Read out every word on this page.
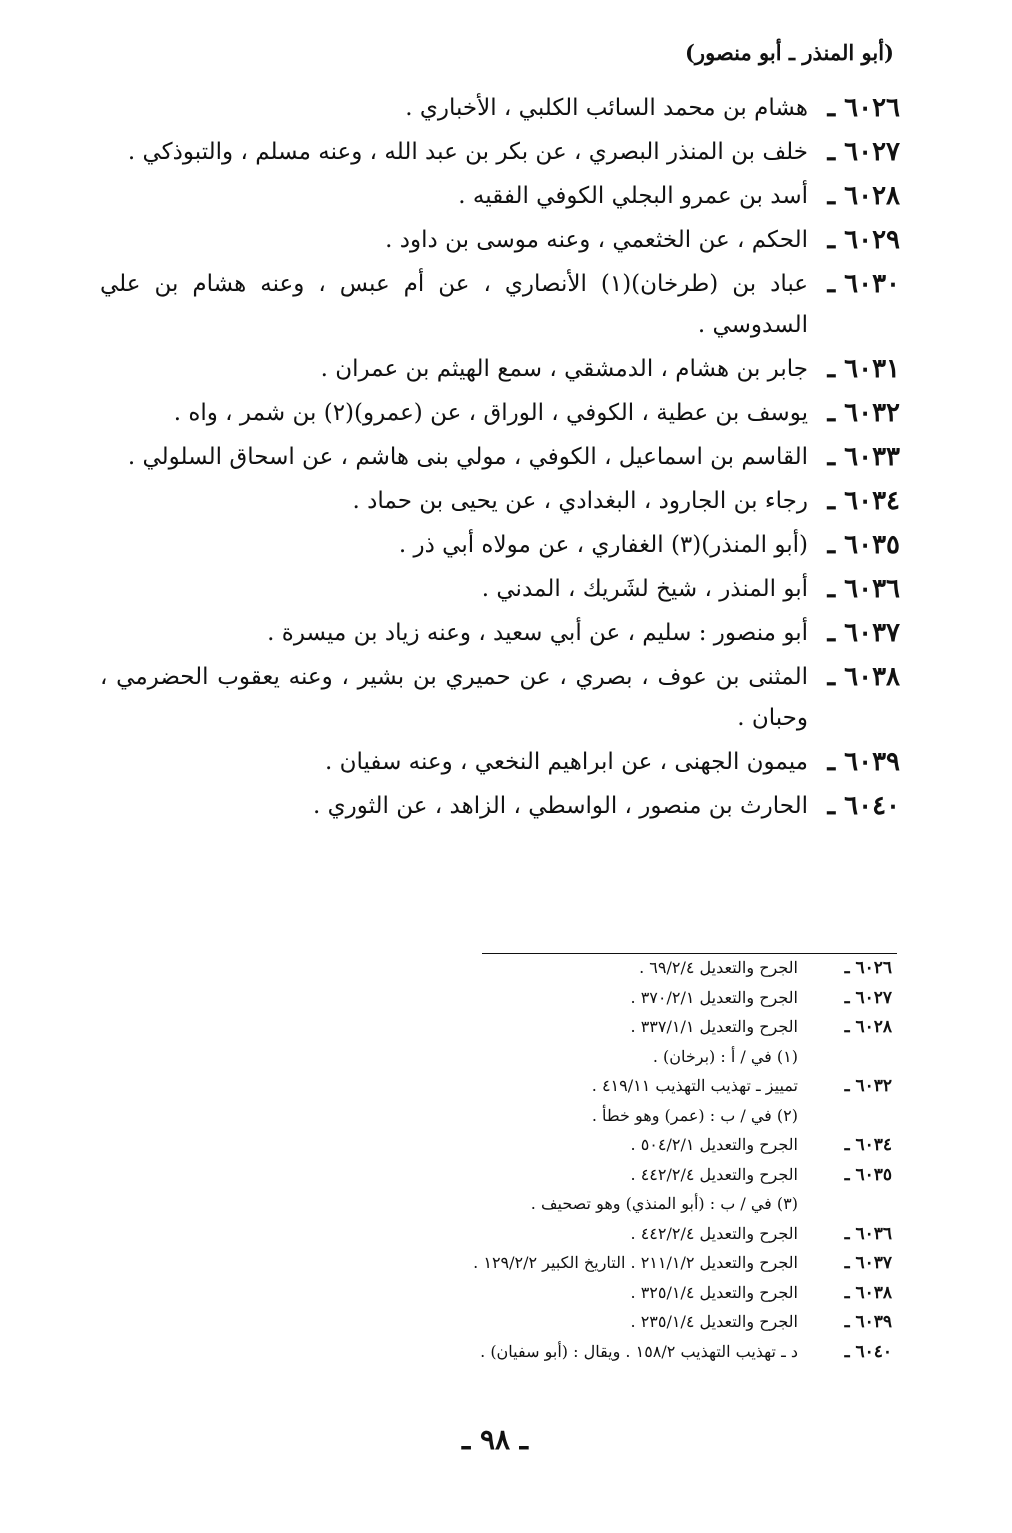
(أبو المنذر ـ أبو منصور)
٦٠٢٦ ـ
هشام بن محمد السائب الكلبي ، الأخباري .
٦٠٢٧ ـ
خلف بن المنذر البصري ، عن بكر بن عبد الله ، وعنه مسلم ، والتبوذكي .
٦٠٢٨ ـ
أسد بن عمرو البجلي الكوفي الفقيه .
٦٠٢٩ ـ
الحكم ، عن الخثعمي ، وعنه موسى بن داود .
٦٠٣٠ ـ
عباد بن (طرخان)(١) الأنصاري ، عن أم عبس ، وعنه هشام بن علي السدوسي .
٦٠٣١ ـ
جابر بن هشام ، الدمشقي ، سمع الهيثم بن عمران .
٦٠٣٢ ـ
يوسف بن عطية ، الكوفي ، الوراق ، عن (عمرو)(٢) بن شمر ، واه .
٦٠٣٣ ـ
القاسم بن اسماعيل ، الكوفي ، مولي بنى هاشم ، عن اسحاق السلولي .
٦٠٣٤ ـ
رجاء بن الجارود ، البغدادي ، عن يحيى بن حماد .
٦٠٣٥ ـ
(أبو المنذر)(٣) الغفاري ، عن مولاه أبي ذر .
٦٠٣٦ ـ
أبو المنذر ، شيخ لشَريك ، المدني .
٦٠٣٧ ـ
أبو منصور : سليم ، عن أبي سعيد ، وعنه زياد بن ميسرة .
٦٠٣٨ ـ
المثنى بن عوف ، بصري ، عن حميري بن بشير ، وعنه يعقوب الحضرمي ، وحبان .
٦٠٣٩ ـ
ميمون الجهنى ، عن ابراهيم النخعي ، وعنه سفيان .
٦٠٤٠ ـ
الحارث بن منصور ، الواسطي ، الزاهد ، عن الثوري .
٦٠٢٦ ـ
الجرح والتعديل ٦٩/٢/٤ .
٦٠٢٧ ـ
الجرح والتعديل ٣٧٠/٢/١ .
٦٠٢٨ ـ
الجرح والتعديل ٣٣٧/١/١ .
(١) في / أ : (برخان) .
٦٠٣٢ ـ
تمييز ـ تهذيب التهذيب ٤١٩/١١ .
(٢) في / ب : (عمر) وهو خطأ .
٦٠٣٤ ـ
الجرح والتعديل ٥٠٤/٢/١ .
٦٠٣٥ ـ
الجرح والتعديل ٤٤٢/٢/٤ .
(٣) في / ب : (أبو المنذي) وهو تصحيف .
٦٠٣٦ ـ
الجرح والتعديل ٤٤٢/٢/٤ .
٦٠٣٧ ـ
الجرح والتعديل ٢١١/١/٢ . التاريخ الكبير ١٢٩/٢/٢ .
٦٠٣٨ ـ
الجرح والتعديل ٣٢٥/١/٤ .
٦٠٣٩ ـ
الجرح والتعديل ٢٣٥/١/٤ .
٦٠٤٠ ـ
د ـ تهذيب التهذيب ١٥٨/٢ . ويقال : (أبو سفيان) .
ـ ٩٨ ـ
